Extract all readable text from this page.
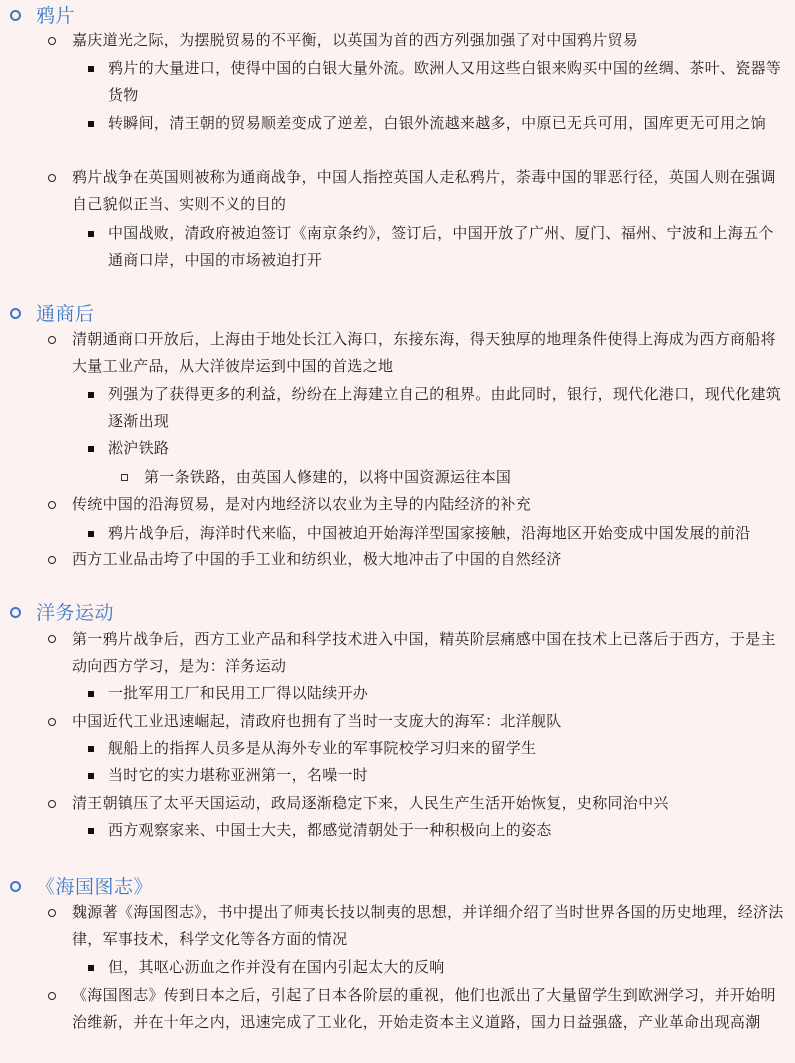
鸦片
嘉庆道光之际，为摆脱贸易的不平衡，以英国为首的西方列强加强了对中国鸦片贸易
鸦片的大量进口，使得中国的白银大量外流。欧洲人又用这些白银来购买中国的丝绸、茶叶、瓷器等货物
转瞬间，清王朝的贸易顺差变成了逆差，白银外流越来越多，中原已无兵可用，国库更无可用之饷
鸦片战争在英国则被称为通商战争，中国人指控英国人走私鸦片，荼毒中国的罪恶行径，英国人则在强调自己貌似正当、实则不义的目的
中国战败，清政府被迫签订《南京条约》，签订后，中国开放了广州、厦门、福州、宁波和上海五个通商口岸，中国的市场被迫打开
通商后
清朝通商口开放后，上海由于地处长江入海口，东接东海，得天独厚的地理条件使得上海成为西方商船将大量工业产品，从大洋彼岸运到中国的首选之地
列强为了获得更多的利益，纷纷在上海建立自己的租界。由此同时，银行，现代化港口，现代化建筑逐渐出现
淞沪铁路
第一条铁路，由英国人修建的，以将中国资源运往本国
传统中国的沿海贸易，是对内地经济以农业为主导的内陆经济的补充
鸦片战争后，海洋时代来临，中国被迫开始海洋型国家接触，沿海地区开始变成中国发展的前沿
西方工业品击垮了中国的手工业和纺织业，极大地冲击了中国的自然经济
洋务运动
第一鸦片战争后，西方工业产品和科学技术进入中国，精英阶层痛感中国在技术上已落后于西方，于是主动向西方学习，是为：洋务运动
一批军用工厂和民用工厂得以陆续开办
中国近代工业迅速崛起，清政府也拥有了当时一支庞大的海军：北洋舰队
舰船上的指挥人员多是从海外专业的军事院校学习归来的留学生
当时它的实力堪称亚洲第一，名噪一时
清王朝镇压了太平天国运动，政局逐渐稳定下来，人民生产生活开始恢复，史称同治中兴
西方观察家来、中国士大夫，都感觉清朝处于一种积极向上的姿态
《海国图志》
魏源著《海国图志》，书中提出了师夷长技以制夷的思想，并详细介绍了当时世界各国的历史地理，经济法律，军事技术，科学文化等各方面的情况
但，其呕心沥血之作并没有在国内引起太大的反响
《海国图志》传到日本之后，引起了日本各阶层的重视，他们也派出了大量留学生到欧洲学习，并开始明治维新，并在十年之内，迅速完成了工业化，开始走资本主义道路，国力日益强盛，产业革命出现高潮
